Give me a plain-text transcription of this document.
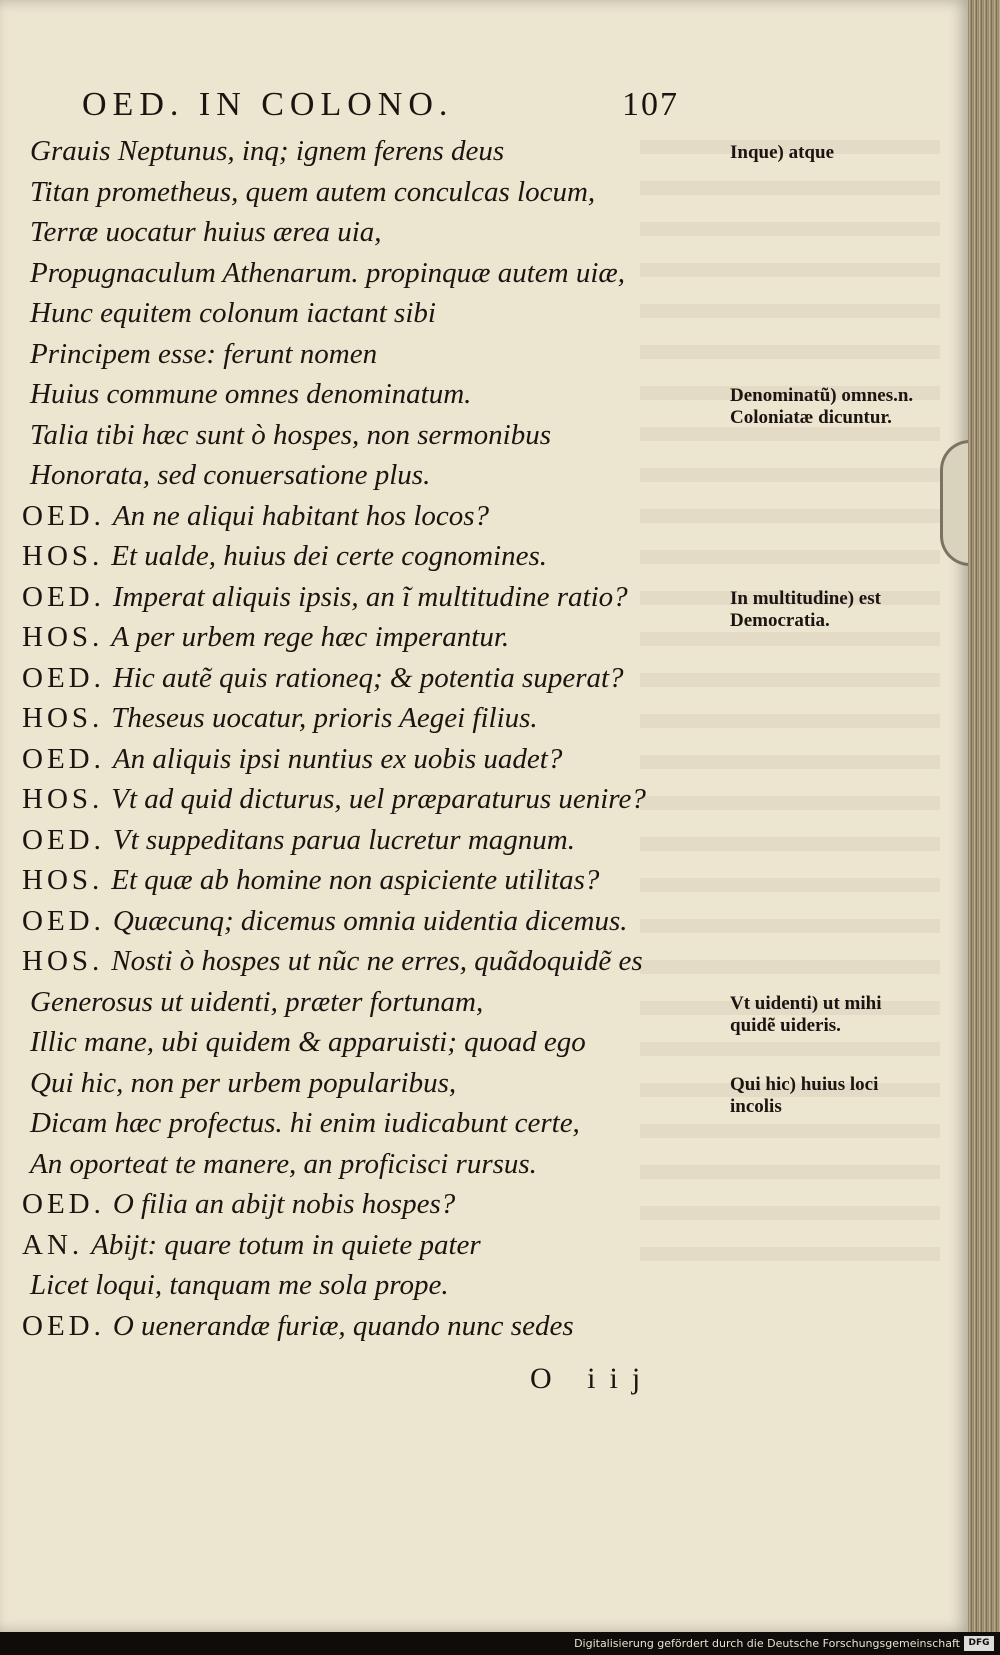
OED. IN COLONO.	107
Grauis Neptunus, inq; ignem ferens deus
Titan prometheus, quem autem conculcas locum,
Terræ uocatur huius ærea uia,
Propugnaculum Athenarum. propinquæ autem uiæ,
Hunc equitem colonum iactant sibi
Principem esse: ferunt nomen
Huius commune omnes denominatum.
Talia tibi hæc sunt ò hospes, non sermonibus
Honorata, sed conuersatione plus.
OED. An ne aliqui habitant hos locos?
HOS. Et ualde, huius dei certe cognomines.
OED. Imperat aliquis ipsis, an ĩ multitudine ratio?
HOS. A per urbem rege hæc imperantur.
OED. Hic autẽ quis rationeq; & potentia superat?
HOS. Theseus uocatur, prioris Aegei filius.
OED. An aliquis ipsi nuntius ex uobis uadet?
HOS. Vt ad quid dicturus, uel præparaturus uenire?
OED. Vt suppeditans parua lucretur magnum.
HOS. Et quæ ab homine non aspiciente utilitas?
OED. Quæcunq; dicemus omnia uidentia dicemus.
HOS. Nosti ò hospes ut nũc ne erres, quãdoquidẽ es
Generosus ut uidenti, præter fortunam,
Illic mane, ubi quidem & apparuisti; quoad ego
Qui hic, non per urbem popularibus,
Dicam hæc profectus. hi enim iudicabunt certe,
An oporteat te manere, an proficisci rursus.
OED. O filia an abijt nobis hospes?
AN. Abijt: quare totum in quiete pater
Licet loqui, tanquam me sola prope.
OED. O uenerandæ furiæ, quando nunc sedes
Inque) atque
Denominatũ) omnes.n. Coloniatæ dicuntur.
In multitudine) est Democratia.
Vt uidenti) ut mihi quidẽ uideris.
Qui hic) huius loci incolis
O iij
Digitalisierung gefördert durch die Deutsche Forschungsgemeinschaft DFG
